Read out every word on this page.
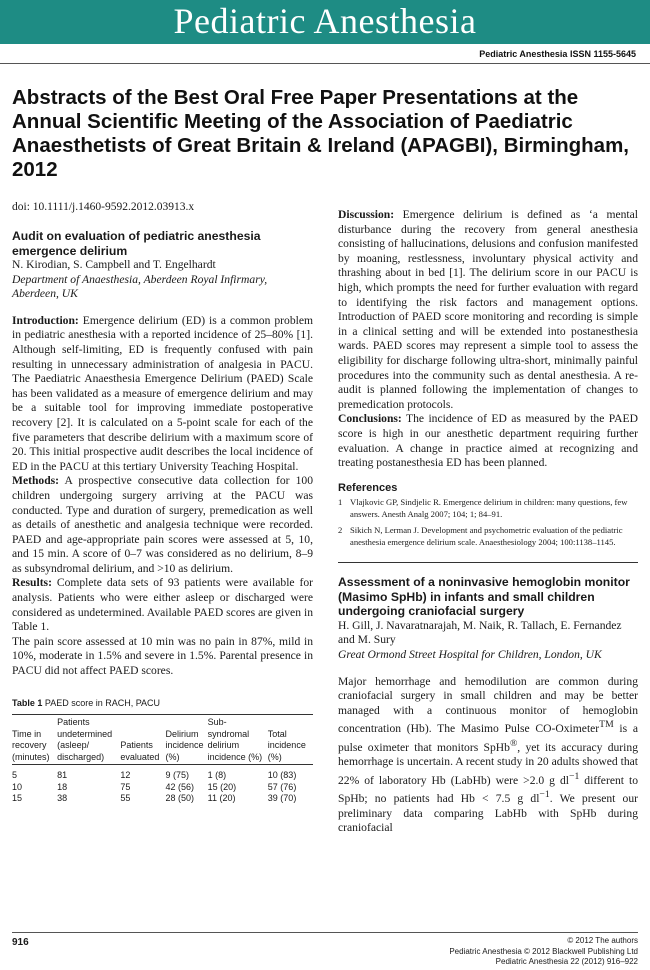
Pediatric Anesthesia
Pediatric Anesthesia ISSN 1155-5645
Abstracts of the Best Oral Free Paper Presentations at the Annual Scientific Meeting of the Association of Paediatric Anaesthetists of Great Britain & Ireland (APAGBI), Birmingham, 2012
doi: 10.1111/j.1460-9592.2012.03913.x

Audit on evaluation of pediatric anesthesia emergence delirium

N. Kirodian, S. Campbell and T. Engelhardt

Department of Anaesthesia, Aberdeen Royal Infirmary, Aberdeen, UK

Introduction: Emergence delirium (ED) is a common problem in pediatric anesthesia with a reported incidence of 25–80% [1]. Although self-limiting, ED is frequently confused with pain resulting in unnecessary administration of analgesia in PACU. The Paediatric Anaesthesia Emergence Delirium (PAED) Scale has been validated as a measure of emergence delirium and may be a suitable tool for improving immediate postoperative recovery [2]. It is calculated on a 5-point scale for each of the five parameters that describe delirium with a maximum score of 20. This initial prospective audit describes the local incidence of ED in the PACU at this tertiary University Teaching Hospital.

Methods: A prospective consecutive data collection for 100 children undergoing surgery arriving at the PACU was conducted. Type and duration of surgery, premedication as well as details of anesthetic and analgesia technique were recorded. PAED and age-appropriate pain scores were assessed at 5, 10, and 15 min. A score of 0–7 was considered as no delirium, 8–9 as subsyndromal delirium, and >10 as delirium.

Results: Complete data sets of 93 patients were available for analysis. Patients who were either asleep or discharged were considered as undetermined. Available PAED scores are given in Table 1.

The pain score assessed at 10 min was no pain in 87%, mild in 10%, moderate in 1.5% and severe in 1.5%. Parental presence in PACU did not affect PAED scores.

Table 1 PAED score in RACH, PACU
Time in recovery (minutes)	Patients undetermined (asleep/ discharged)	Patients evaluated	Delirium incidence (%)	Sub-syndromal delirium incidence (%)	Total incidence (%)
5	81	12	9 (75)	1 (8)	10 (83)
10	18	75	42 (56)	15 (20)	57 (76)
15	38	55	28 (50)	11 (20)	39 (70)

Discussion: Emergence delirium is defined as ‘a mental disturbance during the recovery from general anesthesia consisting of hallucinations, delusions and confusion manifested by moaning, restlessness, involuntary physical activity and thrashing about in bed [1]. The delirium score in our PACU is high, which prompts the need for further evaluation with regard to identifying the risk factors and management options. Introduction of PAED score monitoring and recording is simple in a clinical setting and will be extended into postanesthesia wards. PAED scores may represent a simple tool to assess the eligibility for discharge following ultra-short, minimally painful procedures into the community such as dental anesthesia. A re-audit is planned following the implementation of changes to premedication protocols.

Conclusions: The incidence of ED as measured by the PAED score is high in our anesthetic department requiring further evaluation. A change in practice aimed at recognizing and treating postanesthesia ED has been planned.

References
1 Vlajkovic GP, Sindjelic R. Emergence delirium in children: many questions, few answers. Anesth Analg 2007; 104; 1; 84–91.
2 Sikich N, Lerman J. Development and psychometric evaluation of the pediatric anesthesia emergence delirium scale. Anaesthesiology 2004; 100:1138–1145.

Assessment of a noninvasive hemoglobin monitor (Masimo SpHb) in infants and small children undergoing craniofacial surgery

H. Gill, J. Navaratnarajah, M. Naik, R. Tallach, E. Fernandez and M. Sury

Great Ormond Street Hospital for Children, London, UK

Major hemorrhage and hemodilution are common during craniofacial surgery in small children and may be better managed with a continuous monitor of hemoglobin concentration (Hb). The Masimo Pulse CO-Oximeter™ is a pulse oximeter that monitors SpHb®, yet its accuracy during hemorrhage is uncertain. A recent study in 20 adults showed that 22% of laboratory Hb (LabHb) were >2.0 g $dl^{-1}$ different to SpHb; no patients had Hb < 7.5 g $dl^{-1}$. We present our preliminary data comparing LabHb with SpHb during craniofacial

916	© 2012 The authors
Pediatric Anesthesia © 2012 Blackwell Publishing Ltd
Pediatric Anesthesia 22 (2012) 916–922
